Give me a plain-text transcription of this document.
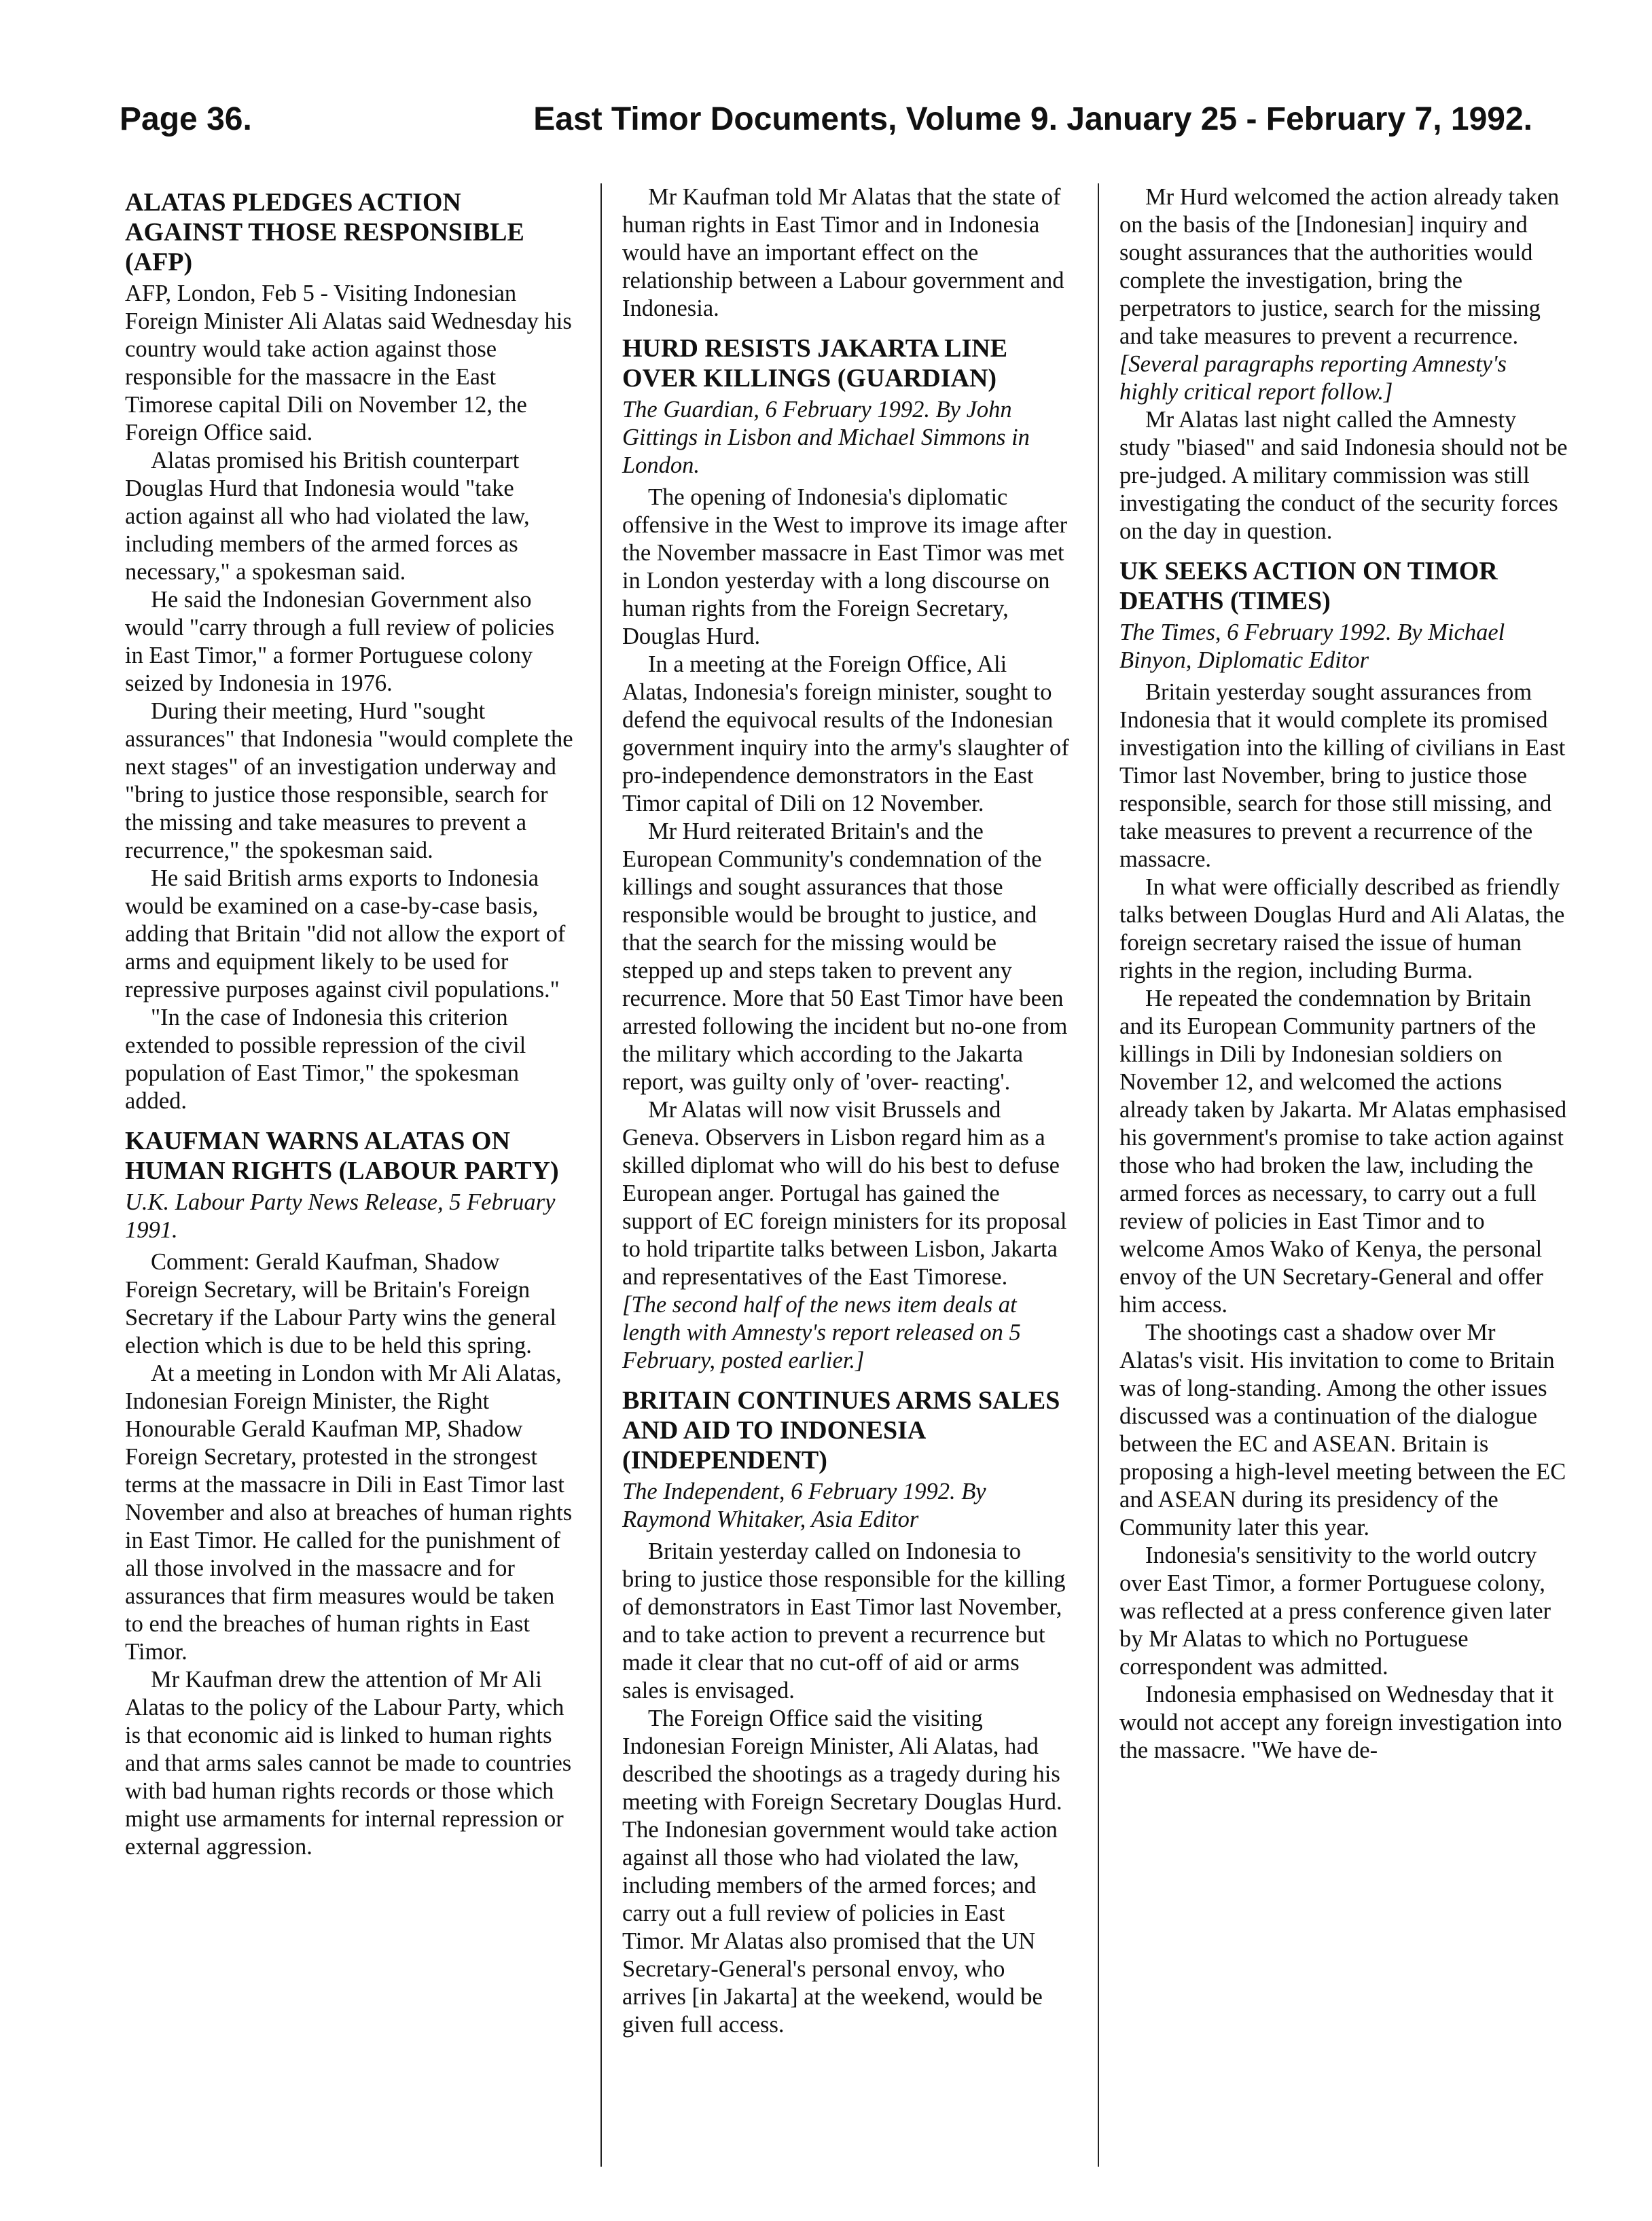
Page 36.	East Timor Documents, Volume 9. January 25 - February 7, 1992.
ALATAS PLEDGES ACTION AGAINST THOSE RESPONSIBLE (AFP)

AFP, London, Feb 5 - Visiting Indonesian Foreign Minister Ali Alatas said Wednesday his country would take action against those responsible for the massacre in the East Timorese capital Dili on November 12, the Foreign Office said.

Alatas promised his British counterpart Douglas Hurd that Indonesia would "take action against all who had violated the law, including members of the armed forces as necessary," a spokesman said.

He said the Indonesian Government also would "carry through a full review of policies in East Timor," a former Portuguese colony seized by Indonesia in 1976.

During their meeting, Hurd "sought assurances" that Indonesia "would complete the next stages" of an investigation underway and "bring to justice those responsible, search for the missing and take measures to prevent a recurrence," the spokesman said.

He said British arms exports to Indonesia would be examined on a case-by-case basis, adding that Britain "did not allow the export of arms and equipment likely to be used for repressive purposes against civil populations."

"In the case of Indonesia this criterion extended to possible repression of the civil population of East Timor," the spokesman added.

KAUFMAN WARNS ALATAS ON HUMAN RIGHTS (LABOUR PARTY)
U.K. Labour Party News Release, 5 February 1991.

Comment: Gerald Kaufman, Shadow Foreign Secretary, will be Britain's Foreign Secretary if the Labour Party wins the general election which is due to be held this spring.

At a meeting in London with Mr Ali Alatas, Indonesian Foreign Minister, the Right Honourable Gerald Kaufman MP, Shadow Foreign Secretary, protested in the strongest terms at the massacre in Dili in East Timor last November and also at breaches of human rights in East Timor. He called for the punishment of all those involved in the massacre and for assurances that firm measures would be taken to end the breaches of human rights in East Timor.

Mr Kaufman drew the attention of Mr Ali Alatas to the policy of the Labour Party, which is that economic aid is linked to human rights and that arms sales cannot be made to countries with bad human rights records or those which might use armaments for internal repression or external aggression.

Mr Kaufman told Mr Alatas that the state of human rights in East Timor and in Indonesia would have an important effect on the relationship between a Labour government and Indonesia.

HURD RESISTS JAKARTA LINE OVER KILLINGS (GUARDIAN)
The Guardian, 6 February 1992. By John Gittings in Lisbon and Michael Simmons in London.

The opening of Indonesia's diplomatic offensive in the West to improve its image after the November massacre in East Timor was met in London yesterday with a long discourse on human rights from the Foreign Secretary, Douglas Hurd.

In a meeting at the Foreign Office, Ali Alatas, Indonesia's foreign minister, sought to defend the equivocal results of the Indonesian government inquiry into the army's slaughter of pro-independence demonstrators in the East Timor capital of Dili on 12 November.

Mr Hurd reiterated Britain's and the European Community's condemnation of the killings and sought assurances that those responsible would be brought to justice, and that the search for the missing would be stepped up and steps taken to prevent any recurrence. More that 50 East Timor have been arrested following the incident but no-one from the military which according to the Jakarta report, was guilty only of 'over- reacting'.

Mr Alatas will now visit Brussels and Geneva. Observers in Lisbon regard him as a skilled diplomat who will do his best to defuse European anger. Portugal has gained the support of EC foreign ministers for its proposal to hold tripartite talks between Lisbon, Jakarta and representatives of the East Timorese.

[The second half of the news item deals at length with Amnesty's report released on 5 February, posted earlier.]

BRITAIN CONTINUES ARMS SALES AND AID TO INDONESIA (INDEPENDENT)
The Independent, 6 February 1992. By Raymond Whitaker, Asia Editor

Britain yesterday called on Indonesia to bring to justice those responsible for the killing of demonstrators in East Timor last November, and to take action to prevent a recurrence but made it clear that no cut-off of aid or arms sales is envisaged.

The Foreign Office said the visiting Indonesian Foreign Minister, Ali Alatas, had described the shootings as a tragedy during his meeting with Foreign Secretary Douglas Hurd. The Indonesian government would take action against all those who had violated the law, including members of the armed forces; and carry out a full review of policies in East Timor. Mr Alatas also promised that the UN Secretary-General's personal envoy, who arrives [in Jakarta] at the weekend, would be given full access.

Mr Hurd welcomed the action already taken on the basis of the [Indonesian] inquiry and sought assurances that the authorities would complete the investigation, bring the perpetrators to justice, search for the missing and take measures to prevent a recurrence.

[Several paragraphs reporting Amnesty's highly critical report follow.]

Mr Alatas last night called the Amnesty study "biased" and said Indonesia should not be pre-judged. A military commission was still investigating the conduct of the security forces on the day in question.

UK SEEKS ACTION ON TIMOR DEATHS (TIMES)
The Times, 6 February 1992. By Michael Binyon, Diplomatic Editor

Britain yesterday sought assurances from Indonesia that it would complete its promised investigation into the killing of civilians in East Timor last November, bring to justice those responsible, search for those still missing, and take measures to prevent a recurrence of the massacre.

In what were officially described as friendly talks between Douglas Hurd and Ali Alatas, the foreign secretary raised the issue of human rights in the region, including Burma.

He repeated the condemnation by Britain and its European Community partners of the killings in Dili by Indonesian soldiers on November 12, and welcomed the actions already taken by Jakarta. Mr Alatas emphasised his government's promise to take action against those who had broken the law, including the armed forces as necessary, to carry out a full review of policies in East Timor and to welcome Amos Wako of Kenya, the personal envoy of the UN Secretary-General and offer him access.

The shootings cast a shadow over Mr Alatas's visit. His invitation to come to Britain was of long-standing. Among the other issues discussed was a continuation of the dialogue between the EC and ASEAN. Britain is proposing a high-level meeting between the EC and ASEAN during its presidency of the Community later this year.

Indonesia's sensitivity to the world outcry over East Timor, a former Portuguese colony, was reflected at a press conference given later by Mr Alatas to which no Portuguese correspondent was admitted.

Indonesia emphasised on Wednesday that it would not accept any foreign investigation into the massacre. "We have de-
